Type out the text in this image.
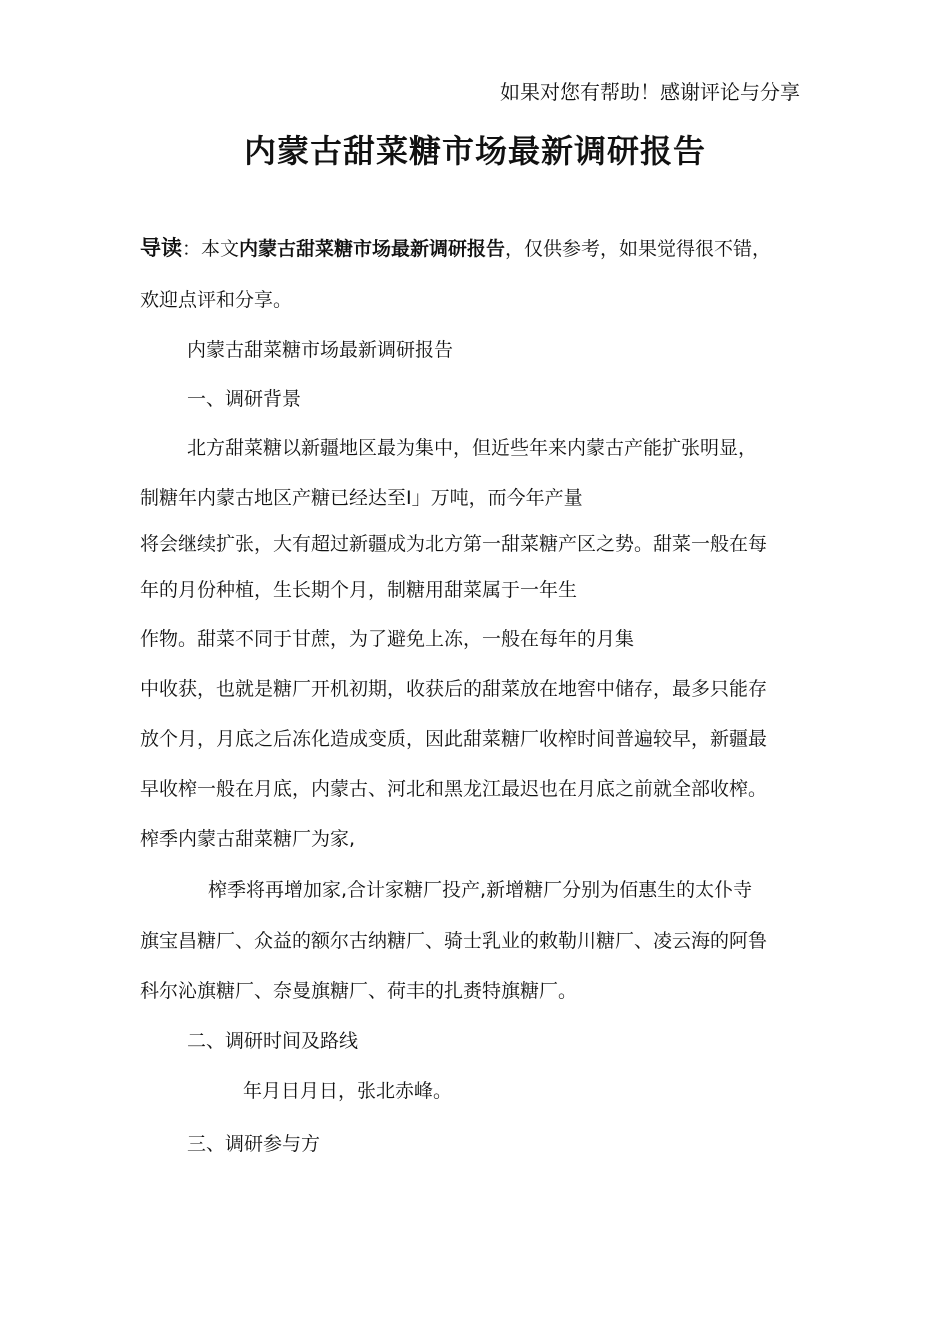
如果对您有帮助！感谢评论与分享
内蒙古甜菜糖市场最新调研报告
导读：本文内蒙古甜菜糖市场最新调研报告，仅供参考，如果觉得很不错，
欢迎点评和分享。
内蒙古甜菜糖市场最新调研报告
一、调研背景
北方甜菜糖以新疆地区最为集中，但近些年来内蒙古产能扩张明显，
制糖年内蒙古地区产糖已经达至Ⅰ」万吨，而今年产量
将会继续扩张，大有超过新疆成为北方第一甜菜糖产区之势。甜菜一般在每
年的月份种植，生长期个月，制糖用甜菜属于一年生
作物。甜菜不同于甘蔗，为了避免上冻，一般在每年的月集
中收获，也就是糖厂开机初期，收获后的甜菜放在地窖中储存，最多只能存
放个月，月底之后冻化造成变质，因此甜菜糖厂收榨时间普遍较早，新疆最
早收榨一般在月底，内蒙古、河北和黑龙江最迟也在月底之前就全部收榨。
榨季内蒙古甜菜糖厂为家,
榨季将再增加家,合计家糖厂投产,新增糖厂分别为佰惠生的太仆寺
旗宝昌糖厂、众益的额尔古纳糖厂、骑士乳业的敕勒川糖厂、凌云海的阿鲁
科尔沁旗糖厂、奈曼旗糖厂、荷丰的扎赉特旗糖厂。
二、调研时间及路线
年月日月日，张北赤峰。
三、调研参与方
